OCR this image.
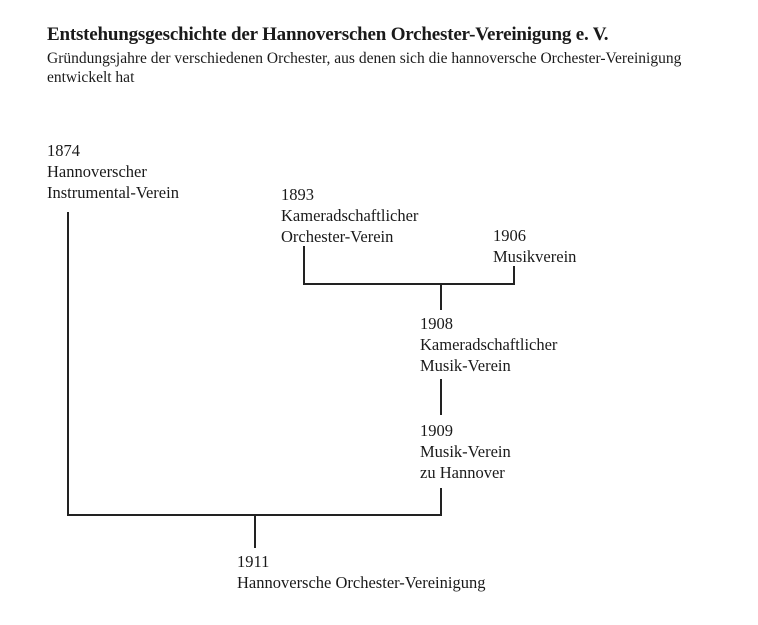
Entstehungsgeschichte der Hannoverschen Orchester-Vereinigung e. V.
Gründungsjahre der verschiedenen Orchester, aus denen sich die hannoversche Orchester-Vereinigung entwickelt hat
1874
Hannoverscher
Instrumental-Verein	1893
Kameradschaftlicher
Orchester-Verein	1906
Musikverein
1908
Kameradschaftlicher
Musik-Verein
1909
Musik-Verein
zu Hannover
1911
Hannoversche Orchester-Vereinigung
